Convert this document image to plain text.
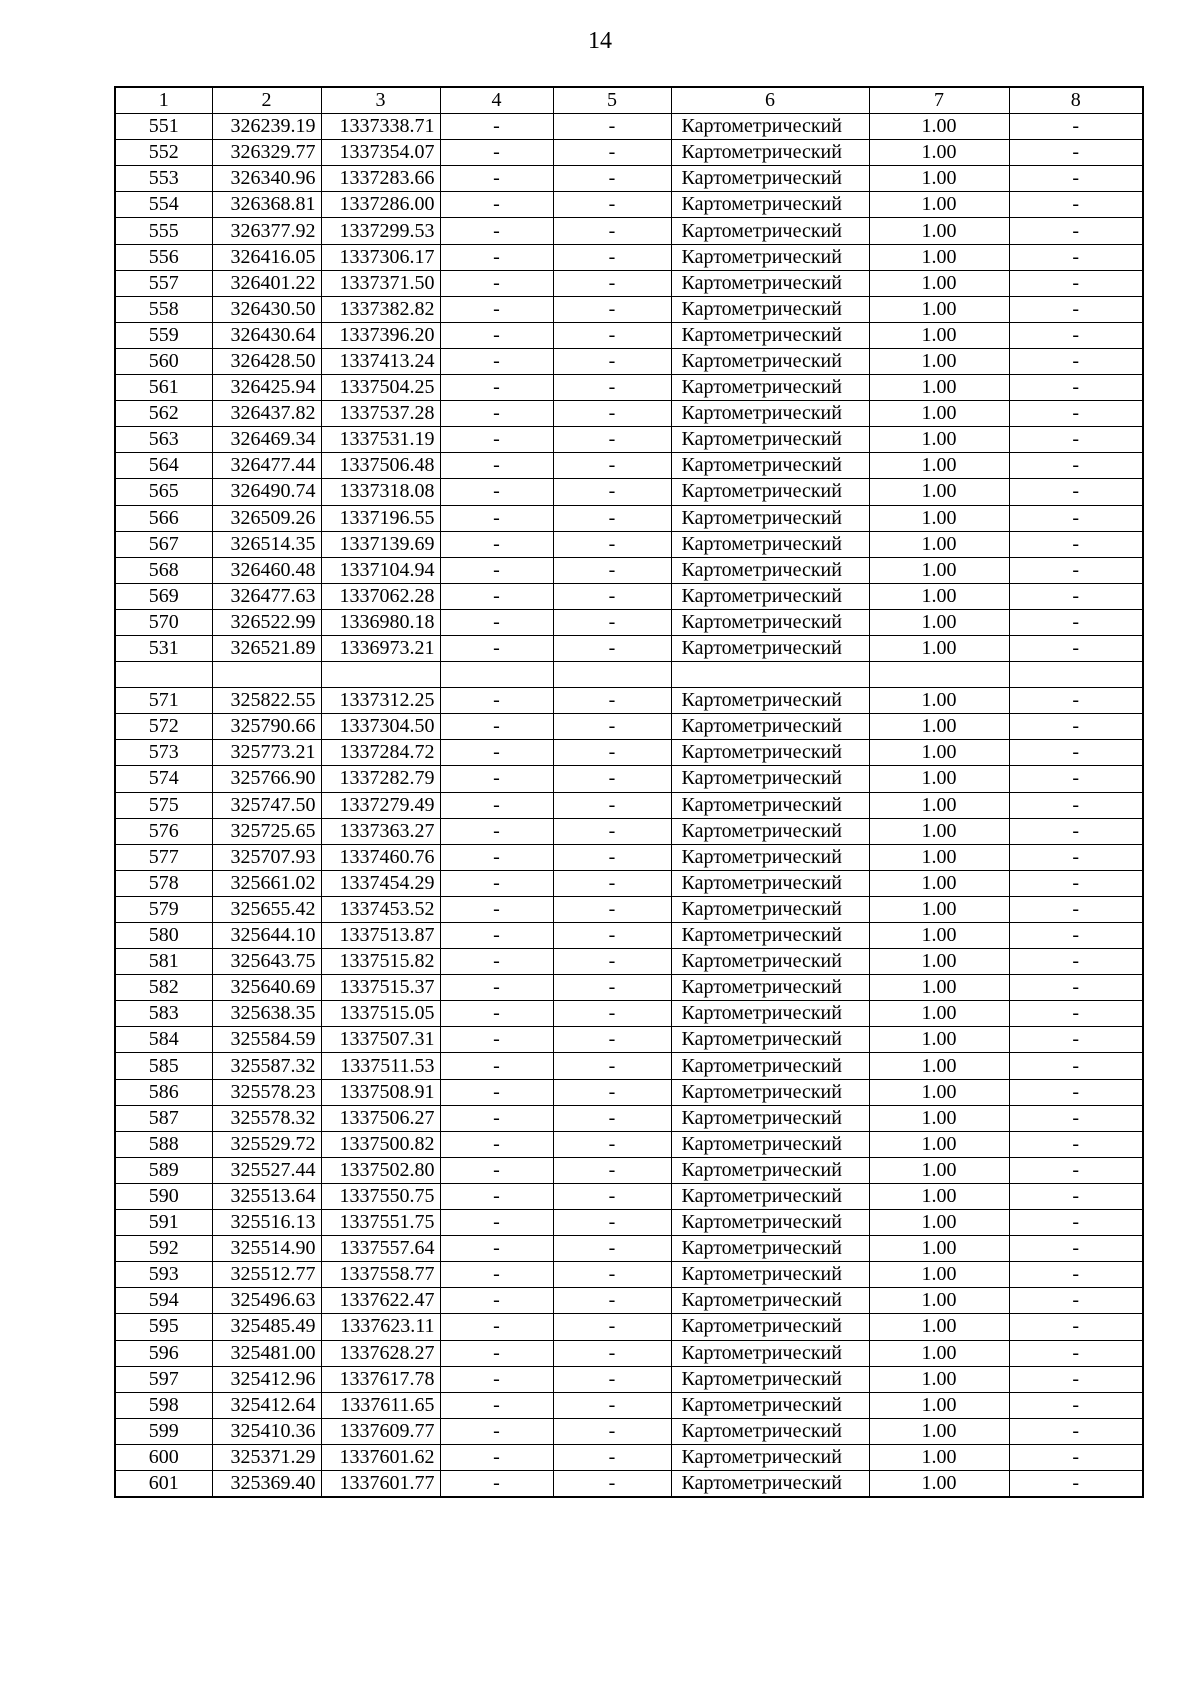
14
1	2	3	4	5	6	7	8
551	326239.19	1337338.71	-	-	Картометрический	1.00	-
552	326329.77	1337354.07	-	-	Картометрический	1.00	-
553	326340.96	1337283.66	-	-	Картометрический	1.00	-
554	326368.81	1337286.00	-	-	Картометрический	1.00	-
555	326377.92	1337299.53	-	-	Картометрический	1.00	-
556	326416.05	1337306.17	-	-	Картометрический	1.00	-
557	326401.22	1337371.50	-	-	Картометрический	1.00	-
558	326430.50	1337382.82	-	-	Картометрический	1.00	-
559	326430.64	1337396.20	-	-	Картометрический	1.00	-
560	326428.50	1337413.24	-	-	Картометрический	1.00	-
561	326425.94	1337504.25	-	-	Картометрический	1.00	-
562	326437.82	1337537.28	-	-	Картометрический	1.00	-
563	326469.34	1337531.19	-	-	Картометрический	1.00	-
564	326477.44	1337506.48	-	-	Картометрический	1.00	-
565	326490.74	1337318.08	-	-	Картометрический	1.00	-
566	326509.26	1337196.55	-	-	Картометрический	1.00	-
567	326514.35	1337139.69	-	-	Картометрический	1.00	-
568	326460.48	1337104.94	-	-	Картометрический	1.00	-
569	326477.63	1337062.28	-	-	Картометрический	1.00	-
570	326522.99	1336980.18	-	-	Картометрический	1.00	-
531	326521.89	1336973.21	-	-	Картометрический	1.00	-

571	325822.55	1337312.25	-	-	Картометрический	1.00	-
572	325790.66	1337304.50	-	-	Картометрический	1.00	-
573	325773.21	1337284.72	-	-	Картометрический	1.00	-
574	325766.90	1337282.79	-	-	Картометрический	1.00	-
575	325747.50	1337279.49	-	-	Картометрический	1.00	-
576	325725.65	1337363.27	-	-	Картометрический	1.00	-
577	325707.93	1337460.76	-	-	Картометрический	1.00	-
578	325661.02	1337454.29	-	-	Картометрический	1.00	-
579	325655.42	1337453.52	-	-	Картометрический	1.00	-
580	325644.10	1337513.87	-	-	Картометрический	1.00	-
581	325643.75	1337515.82	-	-	Картометрический	1.00	-
582	325640.69	1337515.37	-	-	Картометрический	1.00	-
583	325638.35	1337515.05	-	-	Картометрический	1.00	-
584	325584.59	1337507.31	-	-	Картометрический	1.00	-
585	325587.32	1337511.53	-	-	Картометрический	1.00	-
586	325578.23	1337508.91	-	-	Картометрический	1.00	-
587	325578.32	1337506.27	-	-	Картометрический	1.00	-
588	325529.72	1337500.82	-	-	Картометрический	1.00	-
589	325527.44	1337502.80	-	-	Картометрический	1.00	-
590	325513.64	1337550.75	-	-	Картометрический	1.00	-
591	325516.13	1337551.75	-	-	Картометрический	1.00	-
592	325514.90	1337557.64	-	-	Картометрический	1.00	-
593	325512.77	1337558.77	-	-	Картометрический	1.00	-
594	325496.63	1337622.47	-	-	Картометрический	1.00	-
595	325485.49	1337623.11	-	-	Картометрический	1.00	-
596	325481.00	1337628.27	-	-	Картометрический	1.00	-
597	325412.96	1337617.78	-	-	Картометрический	1.00	-
598	325412.64	1337611.65	-	-	Картометрический	1.00	-
599	325410.36	1337609.77	-	-	Картометрический	1.00	-
600	325371.29	1337601.62	-	-	Картометрический	1.00	-
601	325369.40	1337601.77	-	-	Картометрический	1.00	-
